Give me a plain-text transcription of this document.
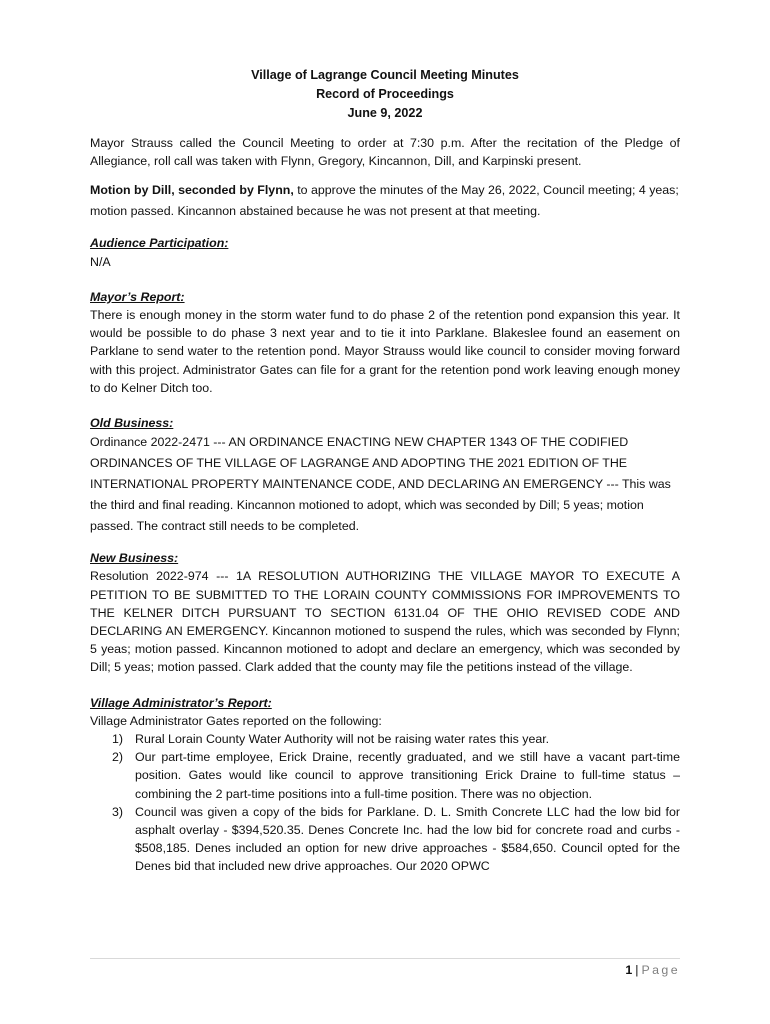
Village of Lagrange Council Meeting Minutes
Record of Proceedings
June 9, 2022

Mayor Strauss called the Council Meeting to order at 7:30 p.m. After the recitation of the Pledge of Allegiance, roll call was taken with Flynn, Gregory, Kincannon, Dill, and Karpinski present.

Motion by Dill, seconded by Flynn, to approve the minutes of the May 26, 2022, Council meeting; 4 yeas; motion passed. Kincannon abstained because he was not present at that meeting.

Audience Participation:

N/A

Mayor’s Report:

There is enough money in the storm water fund to do phase 2 of the retention pond expansion this year. It would be possible to do phase 3 next year and to tie it into Parklane. Blakeslee found an easement on Parklane to send water to the retention pond. Mayor Strauss would like council to consider moving forward with this project. Administrator Gates can file for a grant for the retention pond work leaving enough money to do Kelner Ditch too.

Old Business:

Ordinance 2022-2471 --- AN ORDINANCE ENACTING NEW CHAPTER 1343 OF THE CODIFIED ORDINANCES OF THE VILLAGE OF LAGRANGE AND ADOPTING THE 2021 EDITION OF THE INTERNATIONAL PROPERTY MAINTENANCE CODE, AND DECLARING AN EMERGENCY --- This was the third and final reading. Kincannon motioned to adopt, which was seconded by Dill; 5 yeas; motion passed. The contract still needs to be completed.

New Business:

Resolution 2022-974 --- 1A RESOLUTION AUTHORIZING THE VILLAGE MAYOR TO EXECUTE A PETITION TO BE SUBMITTED TO THE LORAIN COUNTY COMMISSIONS FOR IMPROVEMENTS TO THE KELNER DITCH PURSUANT TO SECTION 6131.04 OF THE OHIO REVISED CODE AND DECLARING AN EMERGENCY. Kincannon motioned to suspend the rules, which was seconded by Flynn; 5 yeas; motion passed. Kincannon motioned to adopt and declare an emergency, which was seconded by Dill; 5 yeas; motion passed. Clark added that the county may file the petitions instead of the village.

Village Administrator’s Report:

Village Administrator Gates reported on the following:

1) Rural Lorain County Water Authority will not be raising water rates this year.
2) Our part-time employee, Erick Draine, recently graduated, and we still have a vacant part-time position. Gates would like council to approve transitioning Erick Draine to full-time status – combining the 2 part-time positions into a full-time position. There was no objection.
3) Council was given a copy of the bids for Parklane. D. L. Smith Concrete LLC had the low bid for asphalt overlay - $394,520.35. Denes Concrete Inc. had the low bid for concrete road and curbs - $508,185. Denes included an option for new drive approaches - $584,650. Council opted for the Denes bid that included new drive approaches. Our 2020 OPWC
1 | Page
